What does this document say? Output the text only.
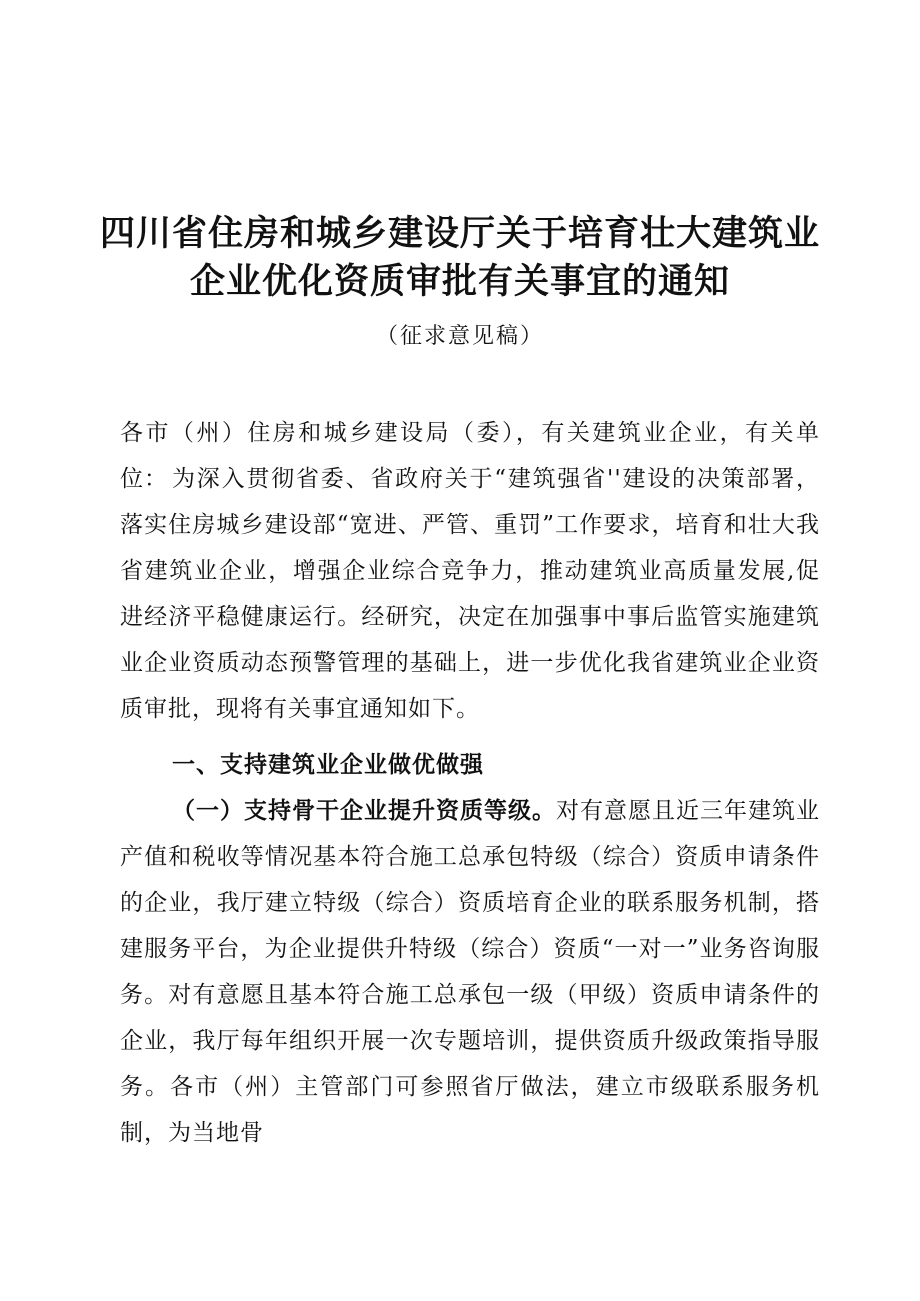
四川省住房和城乡建设厅关于培育壮大建筑业
企业优化资质审批有关事宜的通知
（征求意见稿）

各市（州）住房和城乡建设局（委），有关建筑业企业，有关单位： 为深入贯彻省委、省政府关于“建筑强省''建设的决策部署，落实住房城乡建设部“宽进、严管、重罚”工作要求，培育和壮大我省建筑业企业，增强企业综合竞争力，推动建筑业高质量发展,促进经济平稳健康运行。经研究，决定在加强事中事后监管实施建筑业企业资质动态预警管理的基础上，进一步优化我省建筑业企业资质审批，现将有关事宜通知如下。

一、支持建筑业企业做优做强

（一）支持骨干企业提升资质等级。对有意愿且近三年建筑业产值和税收等情况基本符合施工总承包特级（综合）资质申请条件的企业，我厅建立特级（综合）资质培育企业的联系服务机制，搭建服务平台，为企业提供升特级（综合）资质“一对一”业务咨询服务。对有意愿且基本符合施工总承包一级（甲级）资质申请条件的企业，我厅每年组织开展一次专题培训，提供资质升级政策指导服务。各市（州）主管部门可参照省厅做法，建立市级联系服务机制，为当地骨
